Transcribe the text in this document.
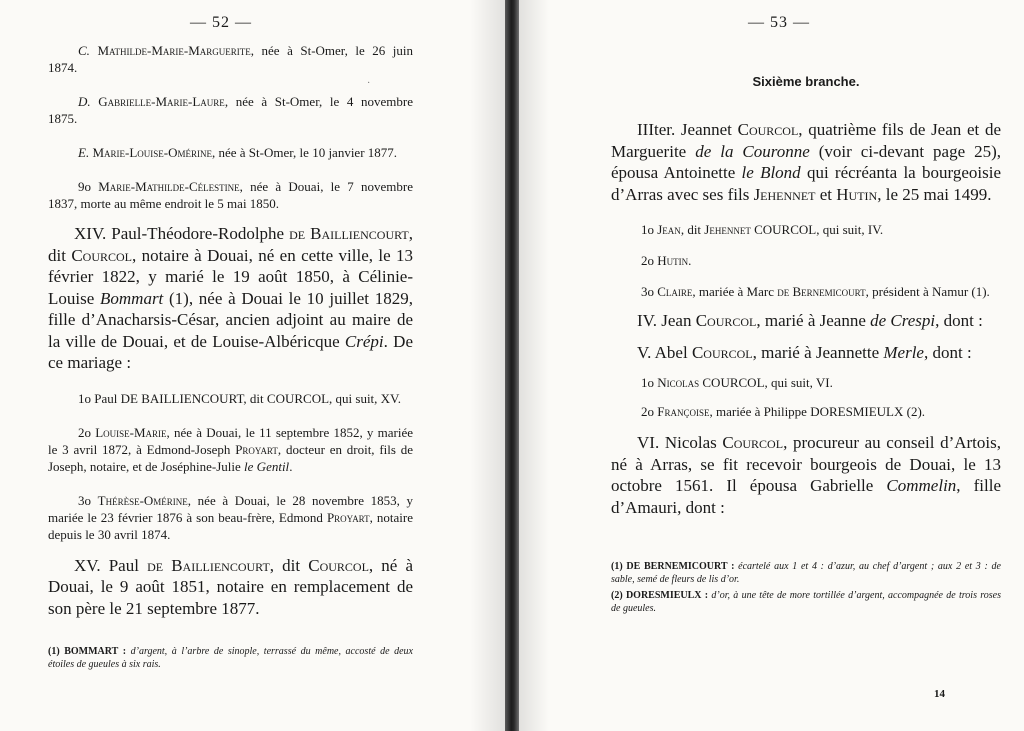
— 52 —
·

C. Mathilde-Marie-Marguerite, née à St-Omer, le 26 juin 1874.

D. Gabrielle-Marie-Laure, née à St-Omer, le 4 novembre 1875.

E. Marie-Louise-Omérine, née à St-Omer, le 10 janvier 1877.

9o Marie-Mathilde-Célestine, née à Douai, le 7 novembre 1837, morte au même endroit le 5 mai 1850.

XIV. Paul-Théodore-Rodolphe de Bailliencourt, dit Courcol, notaire à Douai, né en cette ville, le 13 février 1822, y marié le 19 août 1850, à Célinie-Louise Bommart (1), née à Douai le 10 juillet 1829, fille d’Anacharsis-César, ancien adjoint au maire de la ville de Douai, et de Louise-Albéricque Crépi. De ce mariage :

1o Paul DE BAILLIENCOURT, dit COURCOL, qui suit, XV.

2o Louise-Marie, née à Douai, le 11 septembre 1852, y mariée le 3 avril 1872, à Edmond-Joseph Proyart, docteur en droit, fils de Joseph, notaire, et de Joséphine-Julie le Gentil.

3o Thérèse-Omérine, née à Douai, le 28 novembre 1853, y mariée le 23 février 1876 à son beau-frère, Edmond Proyart, notaire depuis le 30 avril 1874.

XV. Paul de Bailliencourt, dit Courcol, né à Douai, le 9 août 1851, notaire en remplacement de son père le 21 septembre 1877.

(1) BOMMART : d’argent, à l’arbre de sinople, terrassé du même, accosté de deux étoiles de gueules à six rais.

— 53 —

Sixième branche.

IIIter. Jeannet Courcol, quatrième fils de Jean et de Marguerite de la Couronne (voir ci-devant page 25), épousa Antoinette le Blond qui récréanta la bourgeoisie d’Arras avec ses fils Jehennet et Hutin, le 25 mai 1499.

1o Jean, dit Jehennet COURCOL, qui suit, IV.

2o Hutin.

3o Claire, mariée à Marc de Bernemicourt, président à Namur (1).

IV. Jean Courcol, marié à Jeanne de Crespi, dont :

V. Abel Courcol, marié à Jeannette Merle, dont :

1o Nicolas COURCOL, qui suit, VI.

2o Françoise, mariée à Philippe DORESMIEULX (2).

VI. Nicolas Courcol, procureur au conseil d’Artois, né à Arras, se fit recevoir bourgeois de Douai, le 13 octobre 1561. Il épousa Gabrielle Commelin, fille d’Amauri, dont :

(1) DE BERNEMICOURT : écartelé aux 1 et 4 : d’azur, au chef d’argent ; aux 2 et 3 : de sable, semé de fleurs de lis d’or.

(2) DORESMIEULX : d’or, à une tête de more tortillée d’argent, accompagnée de trois roses de gueules.

14
